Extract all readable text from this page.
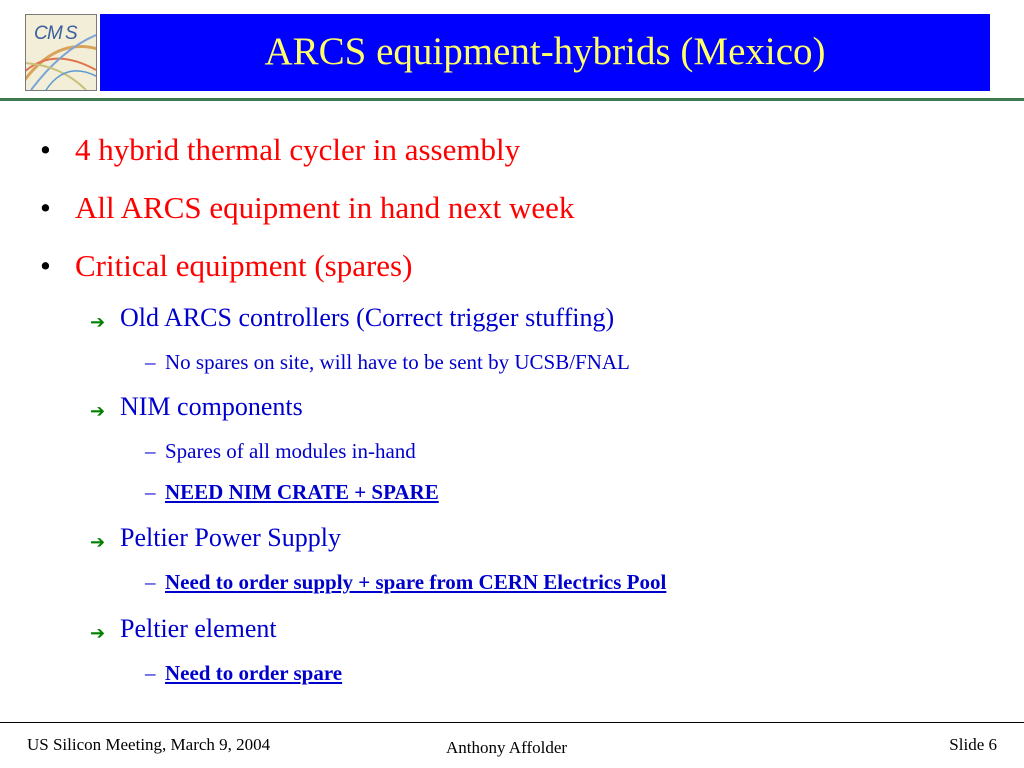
C M S	ARCS equipment-hybrids (Mexico)
• 4 hybrid thermal cycler in assembly
• All ARCS equipment in hand next week
• Critical equipment (spares)
➔ Old ARCS controllers (Correct trigger stuffing)
– No spares on site, will have to be sent by UCSB/FNAL
➔ NIM components
– Spares of all modules in-hand
– NEED NIM CRATE + SPARE
➔ Peltier Power Supply
– Need to order supply + spare from CERN Electrics Pool
➔ Peltier element
– Need to order spare
US Silicon Meeting, March 9, 2004	Anthony Affolder	Slide 6
